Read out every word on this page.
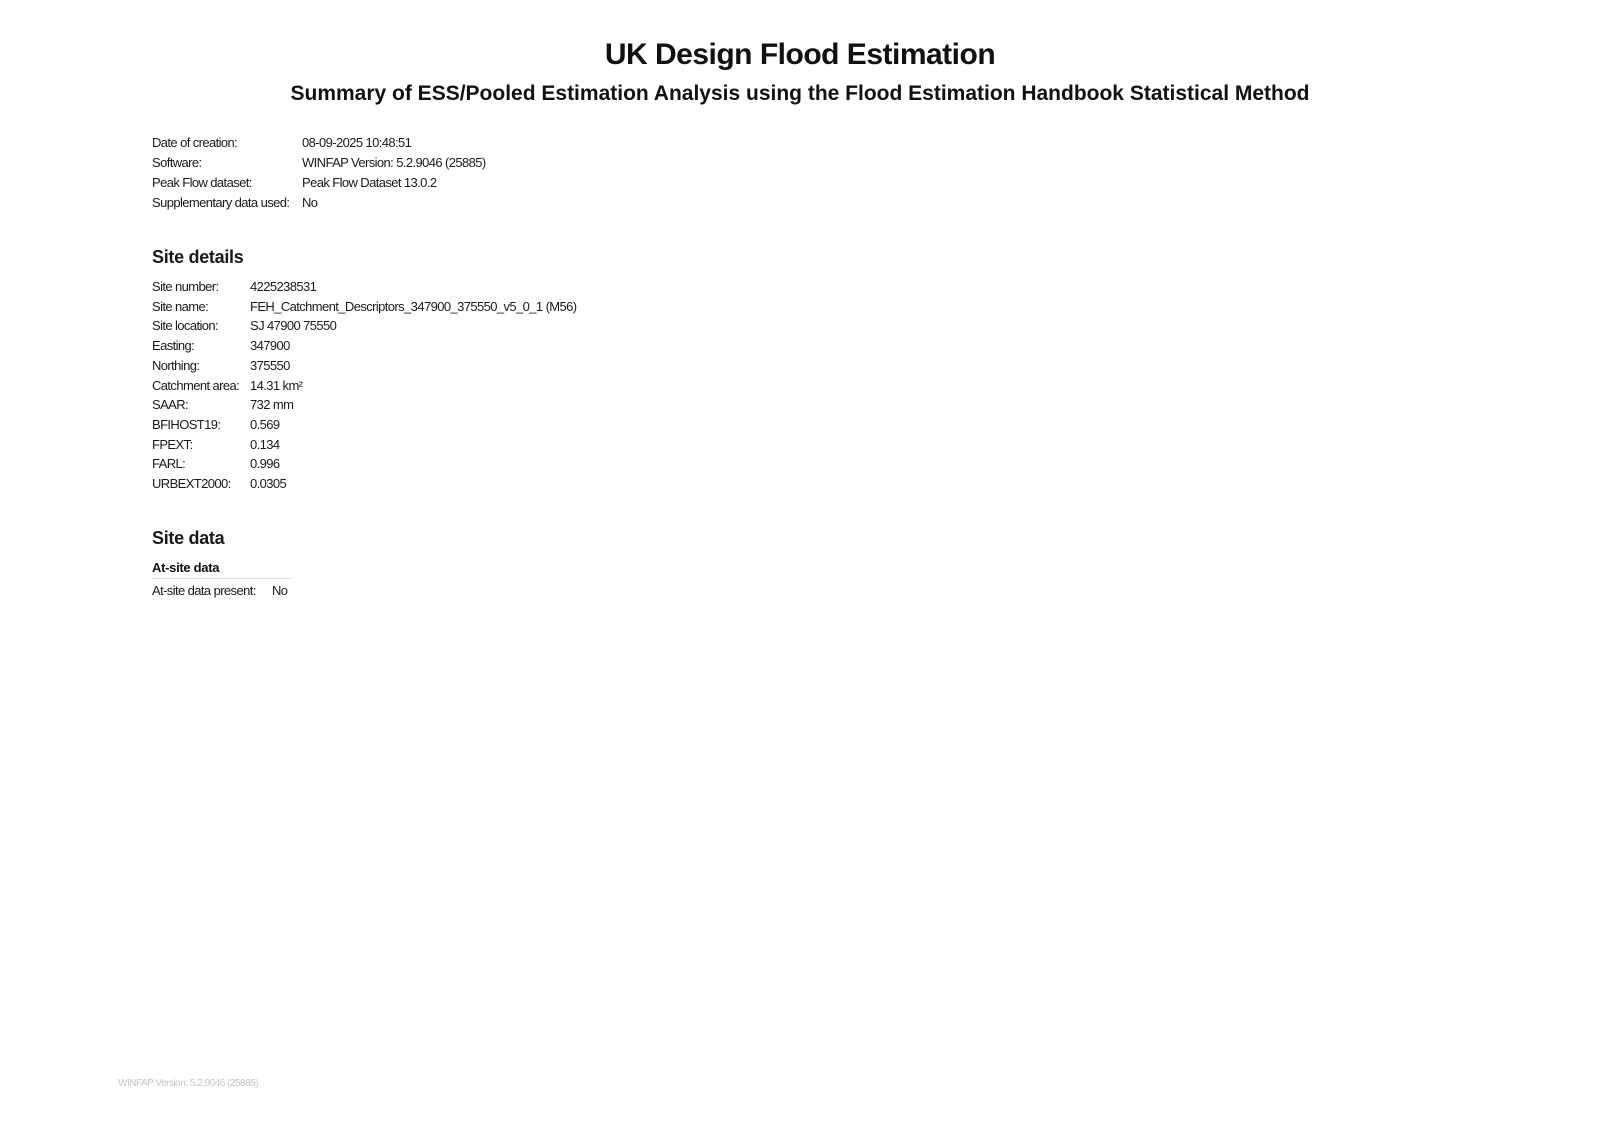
UK Design Flood Estimation
Summary of ESS/Pooled Estimation Analysis using the Flood Estimation Handbook Statistical Method
Date of creation:	08-09-2025 10:48:51
Software:	WINFAP Version: 5.2.9046 (25885)
Peak Flow dataset:	Peak Flow Dataset 13.0.2
Supplementary data used:	No
Site details
Site number:	4225238531
Site name:	FEH_Catchment_Descriptors_347900_375550_v5_0_1 (M56)
Site location:	SJ 47900 75550
Easting:	347900
Northing:	375550
Catchment area:	14.31 km²
SAAR:	732 mm
BFIHOST19:	0.569
FPEXT:	0.134
FARL:	0.996
URBEXT2000:	0.0305
Site data
At-site data
At-site data present:	No
WINFAP Version: 5.2.9046 (25885)
